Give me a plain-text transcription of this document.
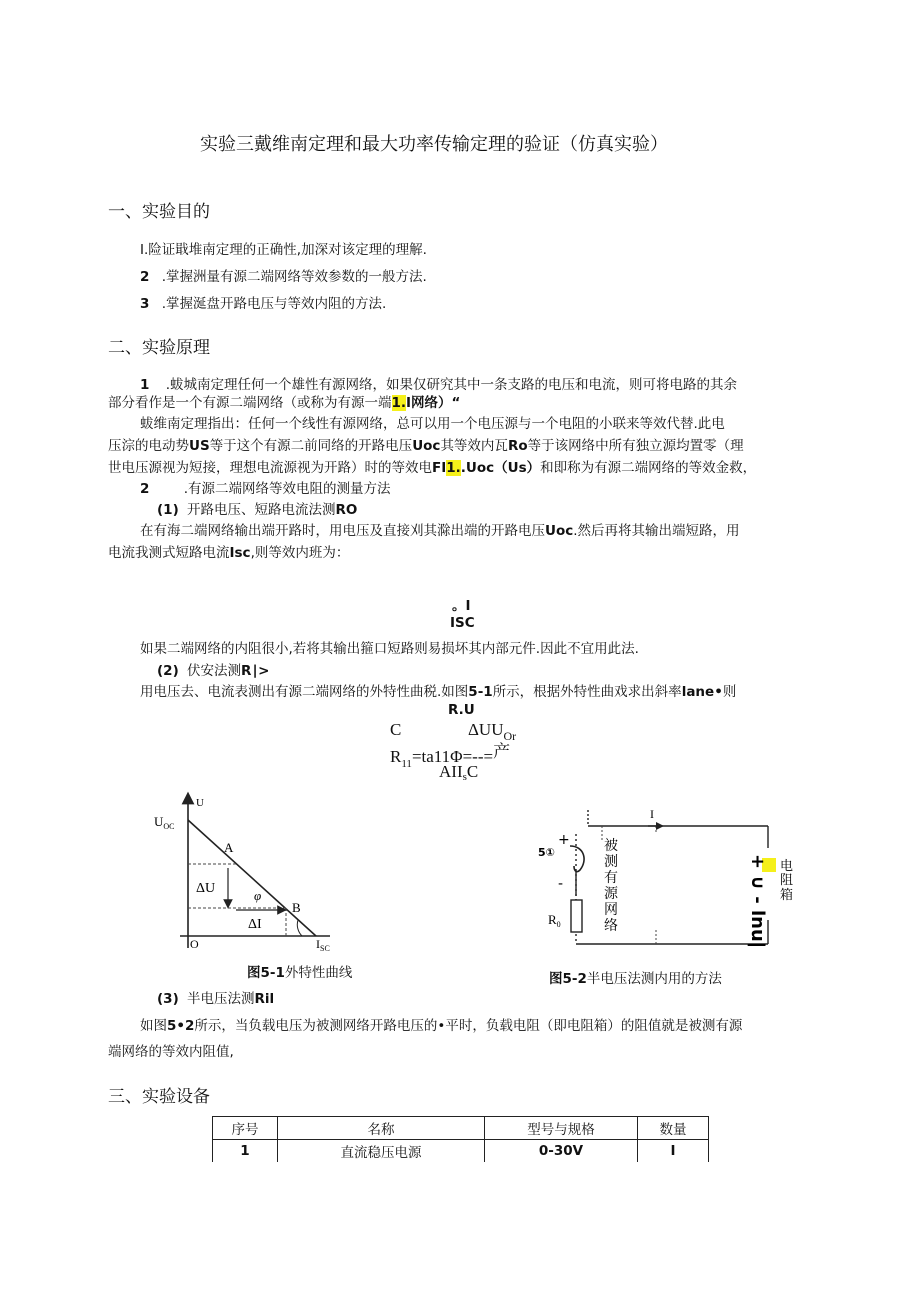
实验三戴维南定理和最大功率传输定理的验证（仿真实验）
一、实验目的
I.险证戢堆南定理的正确性,加深对该定理的理解.
2 .掌握洲量有源二端网络等效参数的一般方法.
3 .掌握涎盘开路电压与等效内阻的方法.
二、实验原理
1 .蛂城南定理任何一个雄性有源网络，如果仅研究其中一条支路的电压和电流，则可将电路的其余
部分看作是一个有源二端网络（或称为有源一端1.I网络）“
蛂维南定理指出：任何一个线性有源网络，总可以用一个电压源与一个电阻的小联来等效代替.此电
压淙的电动势US等于这个有源二前同络的开路电压Uoc其等效内瓦Ro等于该网络中所有独立源均置零（理
世电压源视为短接，理想电流源视为开路）时的等效电FI1..Uoc（Us）和即称为有源二端网络的等效金救，
2	.有源二端网络等效电阻的测量方法
(1) 开路电压、短路电流法测RO
在有海二端网络输出端开路时，用电压及直接刈其滁出端的开路电压Uoc.然后再将其输出端短路，用
电流我测式短路电流Isc,则等效内班为：
。I
ISC
如果二端网络的内阻很小,若将其输出箍口短路则易损坏其内部元件.因此不宜用此法.
(2) 伏安法测R∣>
用电压去、电流表测出有源二端网络的外特性曲税.如图5-1所示，根据外特性曲戏求出斜率lane•则
R.U
C	$\Delta UU_{Or}$
$R_{11}=ta11\Phi=--=$产
AIIsC
U
$U_{OC}$
A
B
φ
ΔU
ΔI
O	$I_{SC}$
图5-1外特性曲线
+
-
5①
I
$R_0$
被
测
有
源
网
络
电
阻
箱
+ ∪ - lnu|
图5-2半电压法测内用的方法
(3) 半电压法测Ril
如图5•2所示，当负载电压为被测网络开路电压的•平时，负载电阻（即电阻箱）的阻值就是被测有源
端网络的等效内阻值,
三、实验设备
序号	名称	型号与规格	数量
1	直流稳压电源	0-30V	I
